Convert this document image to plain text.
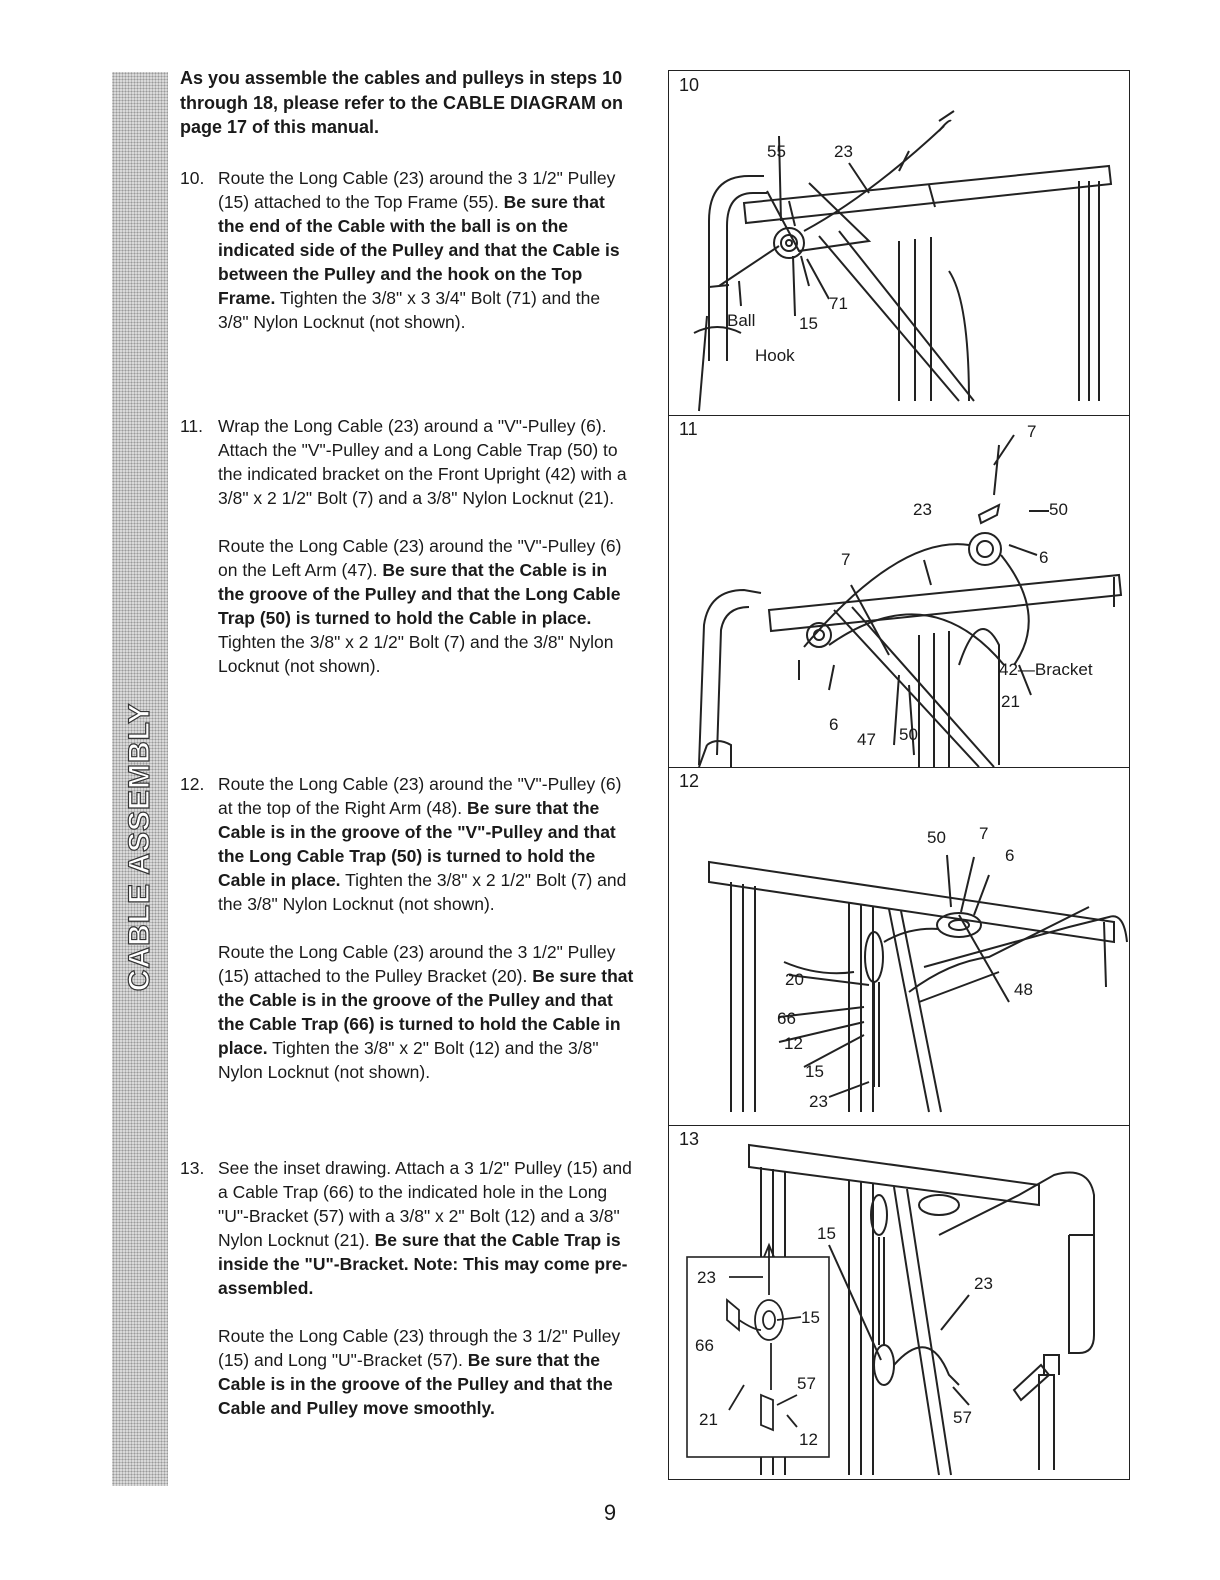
CABLE ASSEMBLY

As you assemble the cables and pulleys in steps 10 through 18, please refer to the CABLE DIAGRAM on page 17 of this manual.

10. Route the Long Cable (23) around the 3 1/2" Pulley (15) attached to the Top Frame (55). Be sure that the end of the Cable with the ball is on the indicated side of the Pulley and that the Cable is between the Pulley and the hook on the Top Frame. Tighten the 3/8" x 3 3/4" Bolt (71) and the 3/8" Nylon Locknut (not shown).

11. Wrap the Long Cable (23) around a "V"-Pulley (6). Attach the "V"-Pulley and a Long Cable Trap (50) to the indicated bracket on the Front Upright (42) with a 3/8" x 2 1/2" Bolt (7) and a 3/8" Nylon Locknut (21).

Route the Long Cable (23) around the "V"-Pulley (6) on the Left Arm (47). Be sure that the Cable is in the groove of the Pulley and that the Long Cable Trap (50) is turned to hold the Cable in place. Tighten the 3/8" x 2 1/2" Bolt (7) and the 3/8" Nylon Locknut (not shown).

12. Route the Long Cable (23) around the "V"-Pulley (6) at the top of the Right Arm (48). Be sure that the Cable is in the groove of the "V"-Pulley and that the Long Cable Trap (50) is turned to hold the Cable in place. Tighten the 3/8" x 2 1/2" Bolt (7) and the 3/8" Nylon Locknut (not shown).

Route the Long Cable (23) around the 3 1/2" Pulley (15) attached to the Pulley Bracket (20). Be sure that the Cable is in the groove of the Pulley and that the Cable Trap (66) is turned to hold the Cable in place. Tighten the 3/8" x 2" Bolt (12) and the 3/8" Nylon Locknut (not shown).

13. See the inset drawing. Attach a 3 1/2" Pulley (15) and a Cable Trap (66) to the indicated hole in the Long "U"-Bracket (57) with a 3/8" x 2" Bolt (12) and a 3/8" Nylon Locknut (21). Be sure that the Cable Trap is inside the "U"-Bracket. Note: This may come pre-assembled.

Route the Long Cable (23) through the 3 1/2" Pulley (15) and Long "U"-Bracket (57). Be sure that the Cable is in the groove of the Pulley and that the Cable and Pulley move smoothly.

10
55	23
Ball	15
71
Hook
11	7
23	50
6
7
42—Bracket
21
6
47 50
12
50 7
6
20
66
12
15
48
23
13
15
23
57
23
15
66
57
21
12
9
